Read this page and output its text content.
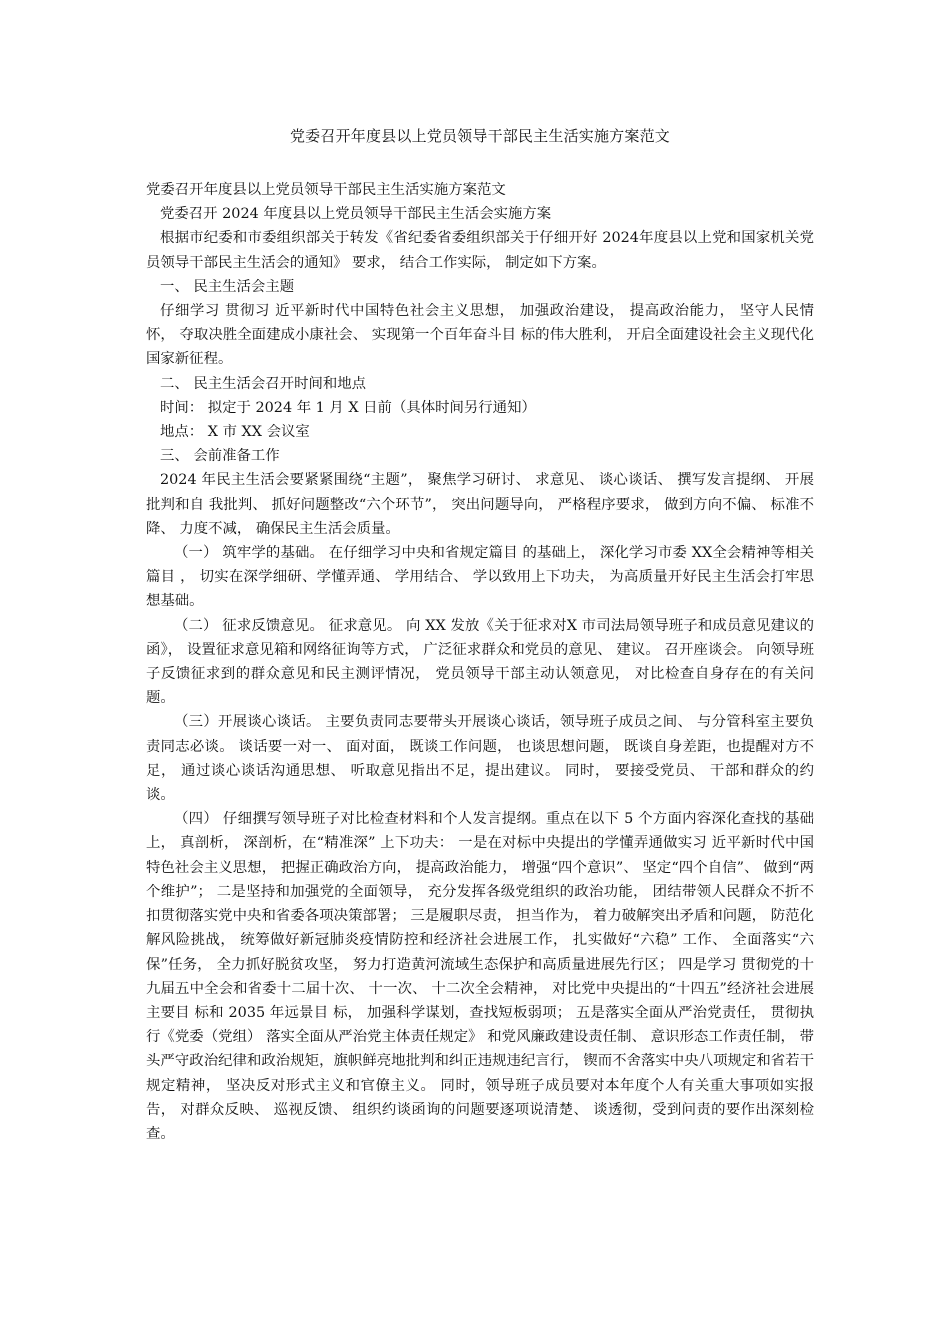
党委召开年度县以上党员领导干部民主生活实施方案范文

党委召开年度县以上党员领导干部民主生活实施方案范文

党委召开 2024 年度县以上党员领导干部民主生活会实施方案

根据市纪委和市委组织部关于转发《省纪委省委组织部关于仔细开好 2024年度县以上党和国家机关党员领导干部民主生活会的通知》 要求， 结合工作实际， 制定如下方案。

一、 民主生活会主题

仔细学习 贯彻习 近平新时代中国特色社会主义思想， 加强政治建设， 提高政治能力， 坚守人民情怀， 夺取决胜全面建成小康社会、 实现第一个百年奋斗目 标的伟大胜利， 开启全面建设社会主义现代化国家新征程。

二、 民主生活会召开时间和地点

时间： 拟定于 2024 年 1 月 X 日前（具体时间另行通知）

地点： X 市 XX 会议室

三、 会前准备工作

2024 年民主生活会要紧紧围绕“主题”， 聚焦学习研讨、 求意见、 谈心谈话、 撰写发言提纲、 开展批判和自 我批判、 抓好问题整改“六个环节”， 突出问题导向， 严格程序要求， 做到方向不偏、 标准不降、 力度不减， 确保民主生活会质量。

（一） 筑牢学的基础。 在仔细学习中央和省规定篇目 的基础上， 深化学习市委 XX全会精神等相关篇目 ， 切实在深学细研、学懂弄通、 学用结合、 学以致用上下功夫， 为高质量开好民主生活会打牢思想基础。

（二） 征求反馈意见。 征求意见。 向 XX 发放《关于征求对X 市司法局领导班子和成员意见建议的函》， 设置征求意见箱和网络征询等方式， 广泛征求群众和党员的意见、 建议。 召开座谈会。 向领导班子反馈征求到的群众意见和民主测评情况， 党员领导干部主动认领意见， 对比检查自身存在的有关问题。

（三）开展谈心谈话。 主要负责同志要带头开展谈心谈话，领导班子成员之间、 与分管科室主要负责同志必谈。 谈话要一对一、 面对面， 既谈工作问题， 也谈思想问题， 既谈自身差距，也提醒对方不足， 通过谈心谈话沟通思想、 听取意见指出不足，提出建议。 同时， 要接受党员、 干部和群众的约谈。

（四） 仔细撰写领导班子对比检查材料和个人发言提纲。重点在以下 5 个方面内容深化查找的基础上， 真剖析， 深剖析，在“精准深” 上下功夫： 一是在对标中央提出的学懂弄通做实习 近平新时代中国特色社会主义思想， 把握正确政治方向， 提高政治能力， 增强“四个意识”、 坚定“四个自信”、 做到“两个维护”； 二是坚持和加强党的全面领导， 充分发挥各级党组织的政治功能， 团结带领人民群众不折不扣贯彻落实党中央和省委各项决策部署； 三是履职尽责， 担当作为， 着力破解突出矛盾和问题， 防范化解风险挑战， 统筹做好新冠肺炎疫情防控和经济社会进展工作， 扎实做好“六稳” 工作、 全面落实“六保”任务， 全力抓好脱贫攻坚， 努力打造黄河流域生态保护和高质量进展先行区； 四是学习 贯彻党的十九届五中全会和省委十二届十次、 十一次、 十二次全会精神， 对比党中央提出的“十四五”经济社会进展主要目 标和 2035 年远景目 标， 加强科学谋划，查找短板弱项； 五是落实全面从严治党责任， 贯彻执行《党委（党组） 落实全面从严治党主体责任规定》 和党风廉政建设责任制、 意识形态工作责任制， 带头严守政治纪律和政治规矩，旗帜鲜亮地批判和纠正违规违纪言行， 锲而不舍落实中央八项规定和省若干规定精神， 坚决反对形式主义和官僚主义。 同时，领导班子成员要对本年度个人有关重大事项如实报告， 对群众反映、 巡视反馈、 组织约谈函询的问题要逐项说清楚、 谈透彻，受到问责的要作出深刻检查。
